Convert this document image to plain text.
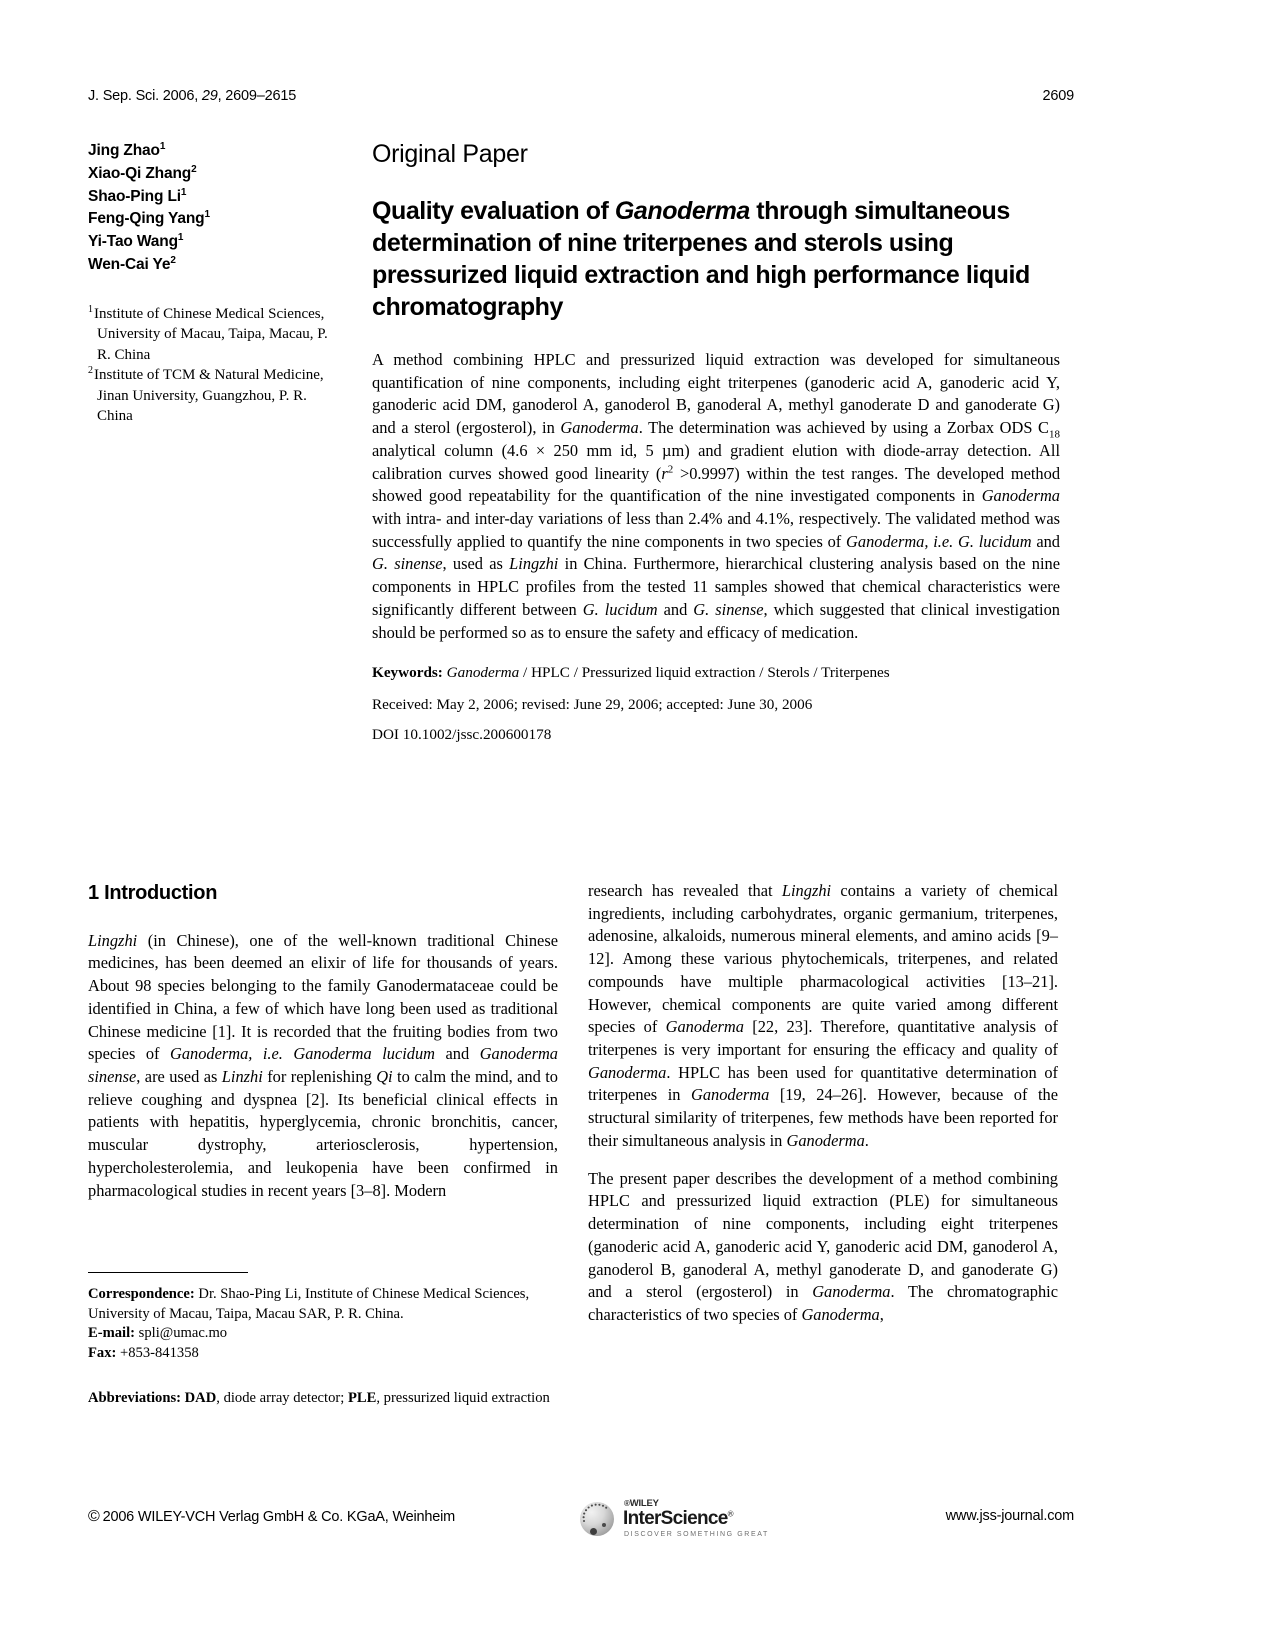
J. Sep. Sci. 2006, 29, 2609–2615	2609
Jing Zhao$^1$
Xiao-Qi Zhang$^2$
Shao-Ping Li$^1$
Feng-Qing Yang$^1$
Yi-Tao Wang$^1$
Wen-Cai Ye$^2$
$^1$Institute of Chinese Medical Sciences, University of Macau, Taipa, Macau, P. R. China
$^2$Institute of TCM & Natural Medicine, Jinan University, Guangzhou, P. R. China
Original Paper
Quality evaluation of Ganoderma through simultaneous determination of nine triterpenes and sterols using pressurized liquid extraction and high performance liquid chromatography
A method combining HPLC and pressurized liquid extraction was developed for simultaneous quantification of nine components, including eight triterpenes (ganoderic acid A, ganoderic acid Y, ganoderic acid DM, ganoderol A, ganoderol B, ganoderal A, methyl ganoderate D and ganoderate G) and a sterol (ergosterol), in Ganoderma. The determination was achieved by using a Zorbax ODS $C_{18}$ analytical column (4.6 × 250 mm id, 5 µm) and gradient elution with diode-array detection. All calibration curves showed good linearity $(r^2 >0.9997)$ within the test ranges. The developed method showed good repeatability for the quantification of the nine investigated components in Ganoderma with intra- and inter-day variations of less than 2.4% and 4.1%, respectively. The validated method was successfully applied to quantify the nine components in two species of Ganoderma, i.e. G. lucidum and G. sinense, used as Lingzhi in China. Furthermore, hierarchical clustering analysis based on the nine components in HPLC profiles from the tested 11 samples showed that chemical characteristics were significantly different between G. lucidum and G. sinense, which suggested that clinical investigation should be performed so as to ensure the safety and efficacy of medication.
Keywords: Ganoderma / HPLC / Pressurized liquid extraction / Sterols / Triterpenes
Received: May 2, 2006; revised: June 29, 2006; accepted: June 30, 2006
DOI 10.1002/jssc.200600178
1 Introduction

Lingzhi (in Chinese), one of the well-known traditional Chinese medicines, has been deemed an elixir of life for thousands of years. About 98 species belonging to the family Ganodermataceae could be identified in China, a few of which have long been used as traditional Chinese medicine [1]. It is recorded that the fruiting bodies from two species of Ganoderma, i.e. Ganoderma lucidum and Ganoderma sinense, are used as Linzhi for replenishing Qi to calm the mind, and to relieve coughing and dyspnea [2]. Its beneficial clinical effects in patients with hepatitis, hyperglycemia, chronic bronchitis, cancer, muscular dystrophy, arteriosclerosis, hypertension, hypercholesterolemia, and leukopenia have been confirmed in pharmacological studies in recent years [3–8]. Modern

research has revealed that Lingzhi contains a variety of chemical ingredients, including carbohydrates, organic germanium, triterpenes, adenosine, alkaloids, numerous mineral elements, and amino acids [9–12]. Among these various phytochemicals, triterpenes, and related compounds have multiple pharmacological activities [13–21]. However, chemical components are quite varied among different species of Ganoderma [22, 23]. Therefore, quantitative analysis of triterpenes is very important for ensuring the efficacy and quality of Ganoderma. HPLC has been used for quantitative determination of triterpenes in Ganoderma [19, 24–26]. However, because of the structural similarity of triterpenes, few methods have been reported for their simultaneous analysis in Ganoderma.

The present paper describes the development of a method combining HPLC and pressurized liquid extraction (PLE) for simultaneous determination of nine components, including eight triterpenes (ganoderic acid A, ganoderic acid Y, ganoderic acid DM, ganoderol A, ganoderol B, ganoderal A, methyl ganoderate D, and ganoderate G) and a sterol (ergosterol) in Ganoderma. The chromatographic characteristics of two species of Ganoderma,

Correspondence: Dr. Shao-Ping Li, Institute of Chinese Medical Sciences, University of Macau, Taipa, Macau SAR, P. R. China.
E-mail: spli@umac.mo
Fax: +853-841358
Abbreviations: DAD, diode array detector; PLE, pressurized liquid extraction
© 2006 WILEY-VCH Verlag GmbH & Co. KGaA, Weinheim
®WILEY
InterScience®
DISCOVER SOMETHING GREAT
www.jss-journal.com
